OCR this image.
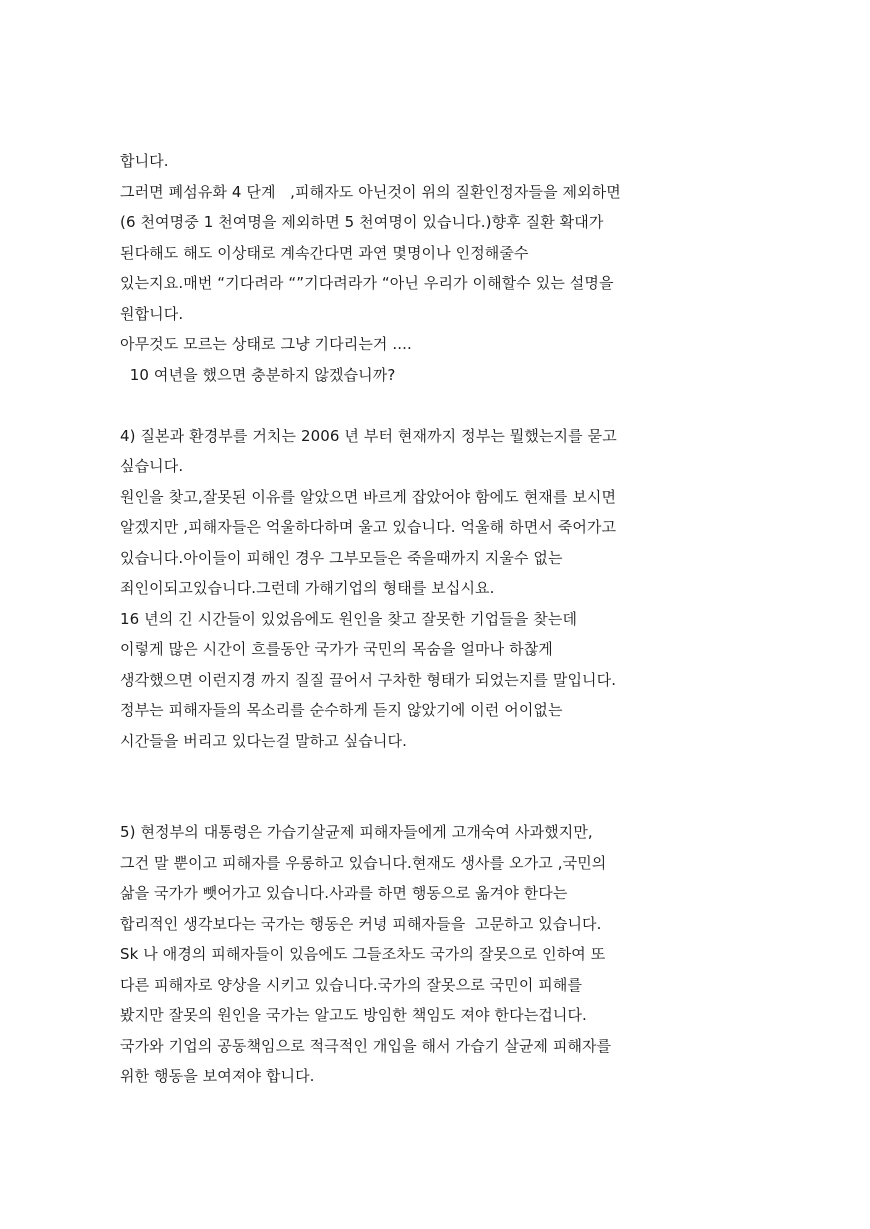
합니다.
그러면 폐섬유화 4 단계   ,피해자도 아닌것이 위의 질환인정자들을 제외하면
(6 천여명중 1 천여명을 제외하면 5 천여명이 있습니다.)향후 질환 확대가
된다해도 해도 이상태로 계속간다면 과연 몇명이나 인정해줄수
있는지요.매번 “기다려라 “”기다려라가 “아닌 우리가 이해할수 있는 설명을
원합니다.
아무것도 모르는 상태로 그냥 기다리는거 ....
10 여년을 했으면 충분하지 않겠습니까?
4) 질본과 환경부를 거치는 2006 년 부터 현재까지 정부는 뭘했는지를 묻고
싶습니다.
원인을 찾고,잘못된 이유를 알았으면 바르게 잡았어야 함에도 현재를 보시면
알겠지만 ,피해자들은 억울하다하며 울고 있습니다. 억울해 하면서 죽어가고
있습니다.아이들이 피해인 경우 그부모들은 죽을때까지 지울수 없는
죄인이되고있습니다.그런데 가해기업의 형태를 보십시요.
16 년의 긴 시간들이 있었음에도 원인을 찾고 잘못한 기업들을 찾는데
이렇게 많은 시간이 흐를동안 국가가 국민의 목숨을 얼마나 하찮게
생각했으면 이런지경 까지 질질 끌어서 구차한 형태가 되었는지를 말입니다.
정부는 피해자들의 목소리를 순수하게 듣지 않았기에 이런 어이없는
시간들을 버리고 있다는걸 말하고 싶습니다.
5) 현정부의 대통령은 가습기살균제 피해자들에게 고개숙여 사과했지만,
그건 말 뿐이고 피해자를 우롱하고 있습니다.현재도 생사를 오가고 ,국민의
삶을 국가가 뺏어가고 있습니다.사과를 하면 행동으로 옮겨야 한다는
합리적인 생각보다는 국가는 행동은 커녕 피해자들을  고문하고 있습니다.
Sk 나 애경의 피해자들이 있음에도 그들조차도 국가의 잘못으로 인하여 또
다른 피해자로 양상을 시키고 있습니다.국가의 잘못으로 국민이 피해를
봤지만 잘못의 원인을 국가는 알고도 방임한 책임도 져야 한다는겁니다.
국가와 기업의 공동책임으로 적극적인 개입을 해서 가습기 살균제 피해자를
위한 행동을 보여져야 합니다.
